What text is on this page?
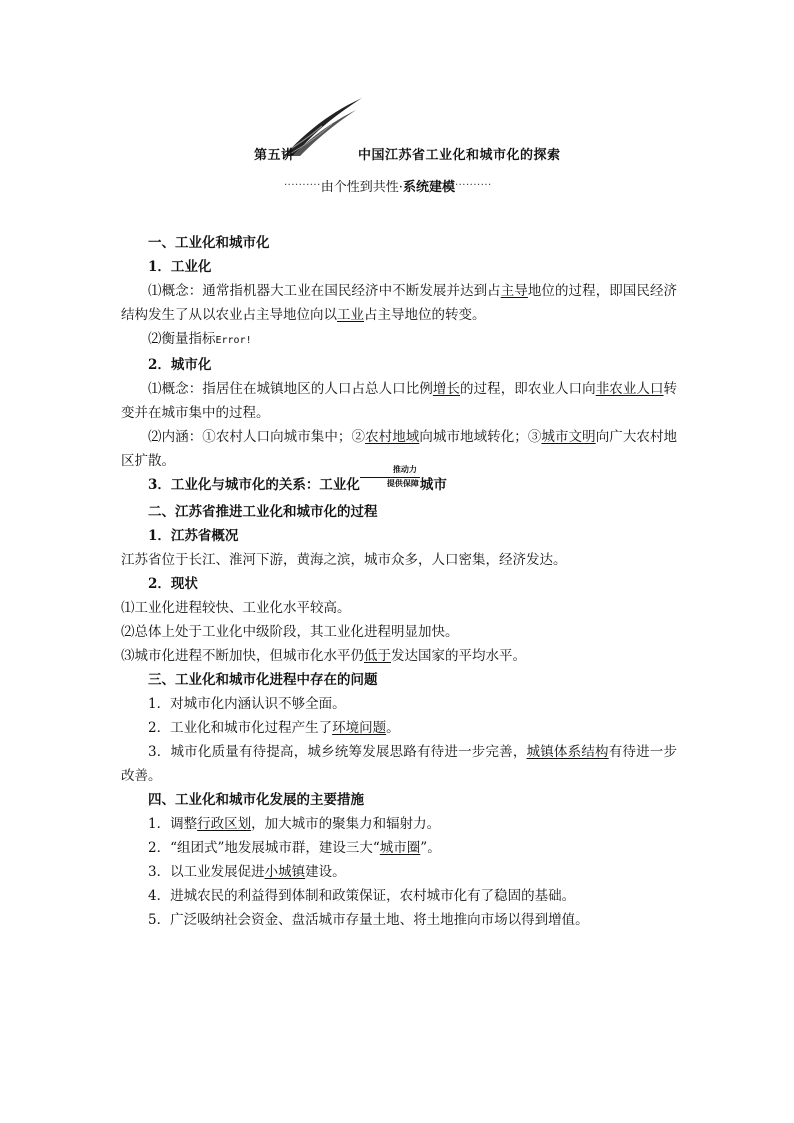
第五讲	中国江苏省工业化和城市化的探索
·········· 由个性到共性· 系统建模 ··········

一、工业化和城市化

1．工业化

⑴概念：通常指机器大工业在国民经济中不断发展并达到占主导地位的过程，即国民经济结构发生了从以农业占主导地位向以工业占主导地位的转变。

⑵衡量指标Error!

2．城市化

⑴概念：指居住在城镇地区的人口占总人口比例增长的过程，即农业人口向非农业人口转变并在城市集中的过程。

⑵内涵：①农村人口向城市集中；②农村地域向城市地域转化；③城市文明向广大农村地区扩散。

3．工业化与城市化的关系：工业化
推动力
提供保障 城市

二、江苏省推进工业化和城市化的过程

1．江苏省概况

江苏省位于长江、淮河下游，黄海之滨，城市众多，人口密集，经济发达。

2．现状

⑴工业化进程较快、工业化水平较高。

⑵总体上处于工业化中级阶段，其工业化进程明显加快。

⑶城市化进程不断加快，但城市化水平仍低于发达国家的平均水平。

三、工业化和城市化进程中存在的问题

1．对城市化内涵认识不够全面。

2．工业化和城市化过程产生了环境问题。

3．城市化质量有待提高，城乡统筹发展思路有待进一步完善，城镇体系结构有待进一步改善。

四、工业化和城市化发展的主要措施

1．调整行政区划，加大城市的聚集力和辐射力。

2．“组团式”地发展城市群，建设三大“城市圈”。

3．以工业发展促进小城镇建设。

4．进城农民的利益得到体制和政策保证，农村城市化有了稳固的基础。

5．广泛吸纳社会资金、盘活城市存量土地、将土地推向市场以得到增值。
